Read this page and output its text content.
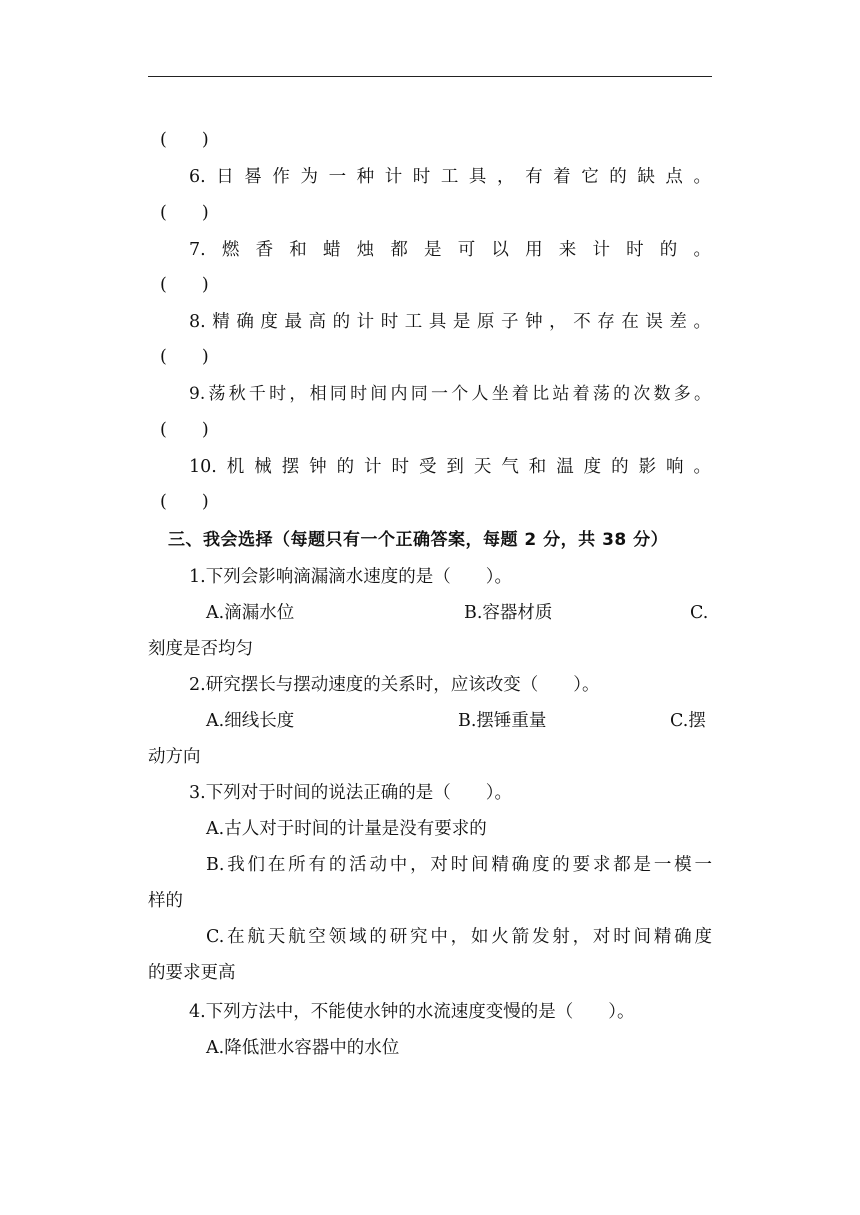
(　　)
6.日晷作为一种计时工具，有着它的缺点。
(　　)
7.燃香和蜡烛都是可以用来计时的。
(　　)
8.精确度最高的计时工具是原子钟，不存在误差。
(　　)
9.荡秋千时，相同时间内同一个人坐着比站着荡的次数多。
(　　)
10.机械摆钟的计时受到天气和温度的影响。
(　　)
三、我会选择（每题只有一个正确答案，每题 2 分，共 38 分）
1.下列会影响滴漏滴水速度的是（　　）。
A.滴漏水位	B.容器材质	C.
刻度是否均匀
2.研究摆长与摆动速度的关系时，应该改变（　　）。
A.细线长度	B.摆锤重量	C.摆
动方向
3.下列对于时间的说法正确的是（　　）。
A.古人对于时间的计量是没有要求的
B.我们在所有的活动中，对时间精确度的要求都是一模一
样的
C.在航天航空领域的研究中，如火箭发射，对时间精确度
的要求更高
4.下列方法中，不能使水钟的水流速度变慢的是（　　）。
A.降低泄水容器中的水位
